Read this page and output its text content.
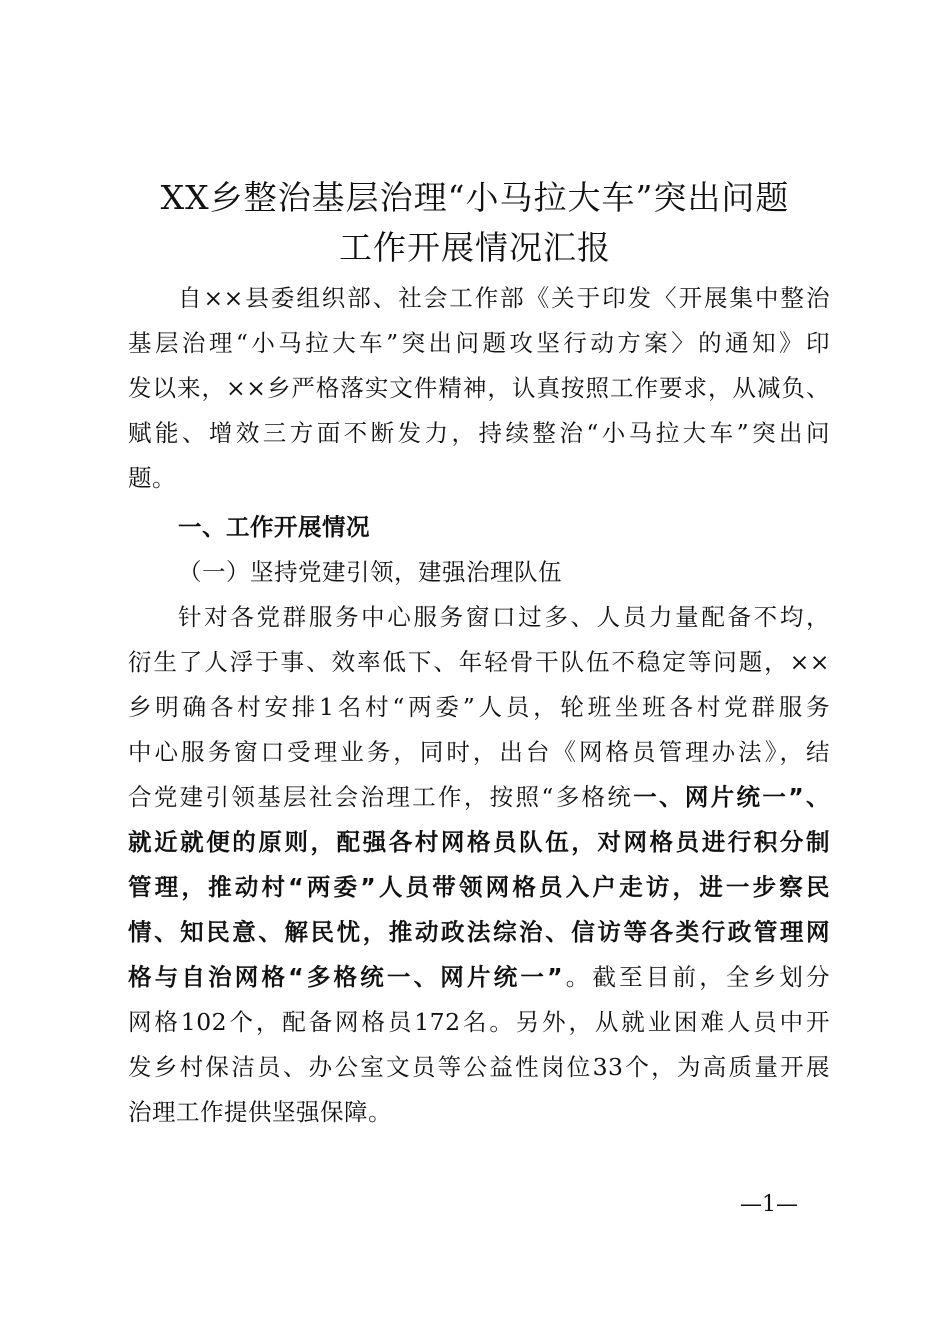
XX乡整治基层治理“小马拉大车”突出问题
工作开展情况汇报
自××县委组织部、社会工作部《关于印发〈开展集中整治
基层治理“小马拉大车”突出问题攻坚行动方案〉的通知》印
发以来，××乡严格落实文件精神，认真按照工作要求，从减负、
赋能、增效三方面不断发力，持续整治“小马拉大车”突出问
题。
一、工作开展情况
（一）坚持党建引领，建强治理队伍
针对各党群服务中心服务窗口过多、人员力量配备不均，
衍生了人浮于事、效率低下、年轻骨干队伍不稳定等问题，××
乡明确各村安排1名村“两委”人员，轮班坐班各村党群服务
中心服务窗口受理业务，同时，出台《网格员管理办法》，结
合党建引领基层社会治理工作，按照“多格统一、网片统一”、
就近就便的原则，配强各村网格员队伍，对网格员进行积分制
管理，推动村“两委”人员带领网格员入户走访，进一步察民
情、知民意、解民忧，推动政法综治、信访等各类行政管理网
格与自治网格“多格统一、网片统一”。截至目前，全乡划分
网格102个，配备网格员172名。另外，从就业困难人员中开
发乡村保洁员、办公室文员等公益性岗位33个，为高质量开展
治理工作提供坚强保障。
—1—
